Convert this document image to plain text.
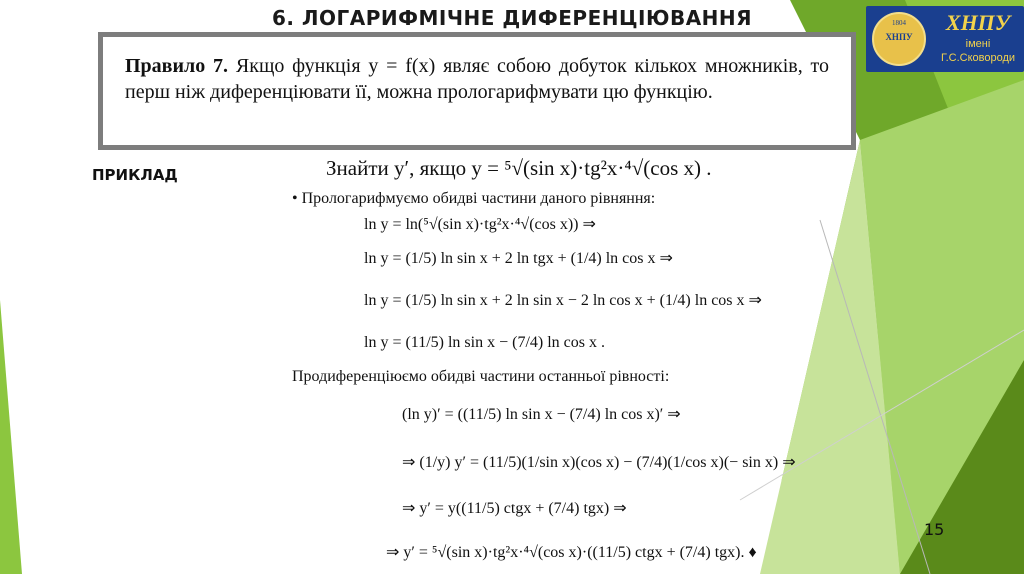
6. ЛОГАРИФМІЧНЕ ДИФЕРЕНЦІЮВАННЯ
Правило 7. Якщо функція y = f(x) являє собою добуток кількох множників, то перш ніж диференціювати її, можна прологарифмувати цю функцію.
1804
ХНПУ
ХНПУ
імені
Г.С.Сковороди
ПРИКЛАД	Знайти y′, якщо y = ⁵√(sin x)·tg²x·⁴√(cos x) .
• Прологарифмуємо обидві частини даного рівняння:
ln y = ln(⁵√(sin x)·tg²x·⁴√(cos x)) ⇒
ln y = (1/5) ln sin x + 2 ln tgx + (1/4) ln cos x ⇒
ln y = (1/5) ln sin x + 2 ln sin x − 2 ln cos x + (1/4) ln cos x ⇒
ln y = (11/5) ln sin x − (7/4) ln cos x .
Продиференціюємо обидві частини останньої рівності:
(ln y)′ = ((11/5) ln sin x − (7/4) ln cos x)′ ⇒
⇒ (1/y) y′ = (11/5)(1/sin x)(cos x) − (7/4)(1/cos x)(− sin x) ⇒
⇒ y′ = y((11/5) ctgx + (7/4) tgx) ⇒
⇒ y′ = ⁵√(sin x)·tg²x·⁴√(cos x)·((11/5) ctgx + (7/4) tgx). ♦
15
